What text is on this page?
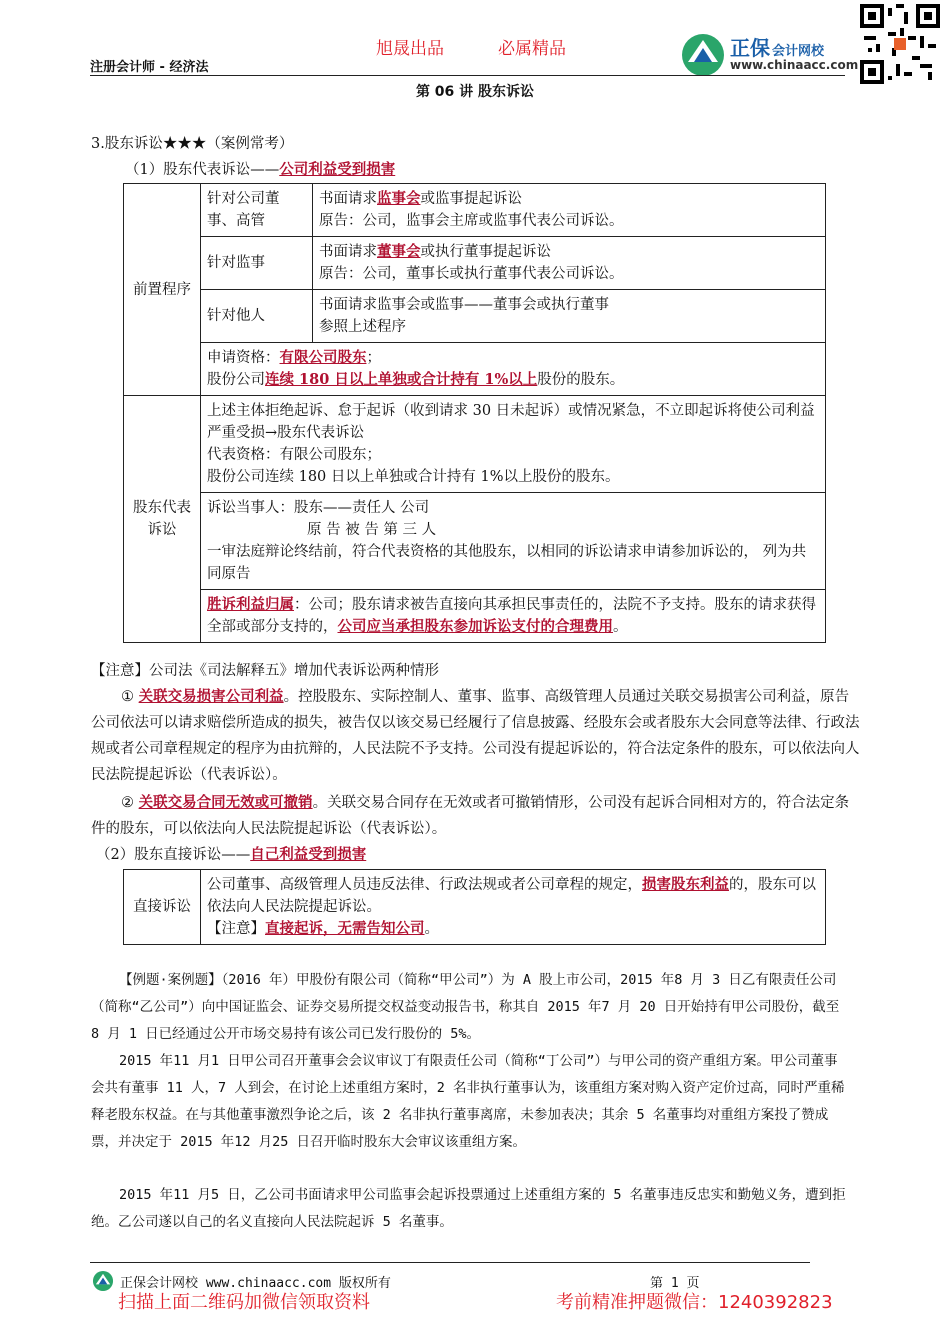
旭晟出品	必属精品
注册会计师 - 经济法
正保 会计网校
www.chinaacc.com
第 06 讲 股东诉讼
3.股东诉讼★★★（案例常考）
（1）股东代表诉讼——公司利益受到损害
前置程序	针对公司董事、高管	书面请求监事会或监事提起诉讼
原告：公司，监事会主席或监事代表公司诉讼。
	针对监事	书面请求董事会或执行董事提起诉讼
原告：公司，董事长或执行董事代表公司诉讼。
	针对他人	书面请求监事会或监事——董事会或执行董事
参照上述程序
	申请资格：有限公司股东；
股份公司连续 180 日以上单独或合计持有 1%以上股份的股东。	
股东代表诉讼	上述主体拒绝起诉、怠于起诉（收到请求 30 日未起诉）或情况紧急，不立即起诉将使公司利益严重受损→股东代表诉讼
代表资格：有限公司股东；
股份公司连续 180 日以上单独或合计持有 1%以上股份的股东。	
	诉讼当事人：股东——责任人 公司
原 告 被 告 第 三 人
一审法庭辩论终结前，符合代表资格的其他股东，以相同的诉讼请求申请参加诉讼的， 列为共同原告	
	胜诉利益归属：公司；股东请求被告直接向其承担民事责任的，法院不予支持。股东的请求获得全部或部分支持的，公司应当承担股东参加诉讼支付的合理费用。	
【注意】公司法《司法解释五》增加代表诉讼两种情形
① 关联交易损害公司利益。控股股东、实际控制人、董事、监事、高级管理人员通过关联交易损害公司利益，原告公司依法可以请求赔偿所造成的损失，被告仅以该交易已经履行了信息披露、经股东会或者股东大会同意等法律、行政法规或者公司章程规定的程序为由抗辩的，人民法院不予支持。公司没有提起诉讼的，符合法定条件的股东，可以依法向人民法院提起诉讼（代表诉讼）。
② 关联交易合同无效或可撤销。关联交易合同存在无效或者可撤销情形，公司没有起诉合同相对方的，符合法定条件的股东，可以依法向人民法院提起诉讼（代表诉讼）。
（2）股东直接诉讼——自己利益受到损害
直接诉讼	公司董事、高级管理人员违反法律、行政法规或者公司章程的规定，损害股东利益的，股东可以依法向人民法院提起诉讼。
【注意】直接起诉，无需告知公司。
【例题·案例题】（2016 年）甲股份有限公司（简称“甲公司”）为 A 股上市公司，2015 年8 月 3 日乙有限责任公司（简称“乙公司”）向中国证监会、证券交易所提交权益变动报告书，称其自 2015 年7 月 20 日开始持有甲公司股份，截至 8 月 1 日已经通过公开市场交易持有该公司已发行股份的 5%。
2015 年11 月1 日甲公司召开董事会会议审议丁有限责任公司（简称“丁公司”）与甲公司的资产重组方案。甲公司董事会共有董事 11 人，7 人到会，在讨论上述重组方案时，2 名非执行董事认为，该重组方案对购入资产定价过高，同时严重稀释老股东权益。在与其他董事激烈争论之后，该 2 名非执行董事离席，未参加表决；其余 5 名董事均对重组方案投了赞成票，并决定于 2015 年12 月25 日召开临时股东大会审议该重组方案。
2015 年11 月5 日，乙公司书面请求甲公司监事会起诉投票通过上述重组方案的 5 名董事违反忠实和勤勉义务，遭到拒绝。乙公司遂以自己的名义直接向人民法院起诉 5 名董事。
正保会计网校 www.chinaacc.com 版权所有	第 1 页
扫描上面二维码加微信领取资料	考前精准押题微信：1240392823
